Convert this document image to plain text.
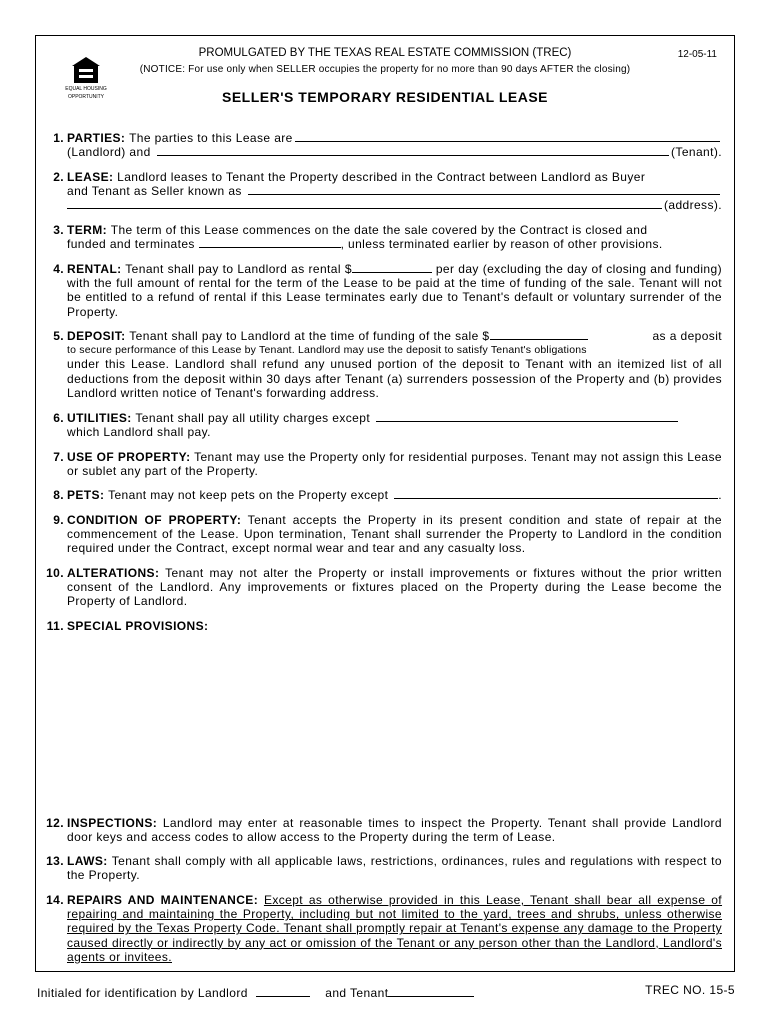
PROMULGATED BY THE TEXAS REAL ESTATE COMMISSION (TREC)	12-05-11
(NOTICE: For use only when SELLER occupies the property for no more than 90 days AFTER the closing)
EQUAL HOUSING
OPPORTUNITY	SELLER'S TEMPORARY RESIDENTIAL LEASE
1. PARTIES:
The parties to this Lease are
(Landlord) and	(Tenant).
2. LEASE:
Landlord leases to Tenant the Property described in the Contract between Landlord as Buyer
and Tenant as Seller known as
(address).
3. TERM:
The term of this Lease commences on the date the sale covered by the Contract is closed and
funded and terminates
	, unless terminated earlier by reason of other provisions.
4. RENTAL: Tenant shall pay to Landlord as rental $	per day (excluding the day of closing and funding) with the full amount of rental for the term of the Lease to be paid at the time of funding of the sale. Tenant will not be entitled to a refund of rental if this Lease terminates early due to Tenant's default or voluntary surrender of the Property.
5. DEPOSIT:
Tenant shall pay to Landlord at the time of funding of the sale $	as a deposit
to secure performance of this Lease by Tenant. Landlord may use the deposit to satisfy Tenant's obligations
under this Lease. Landlord shall refund any unused portion of the deposit to Tenant with an itemized list of all deductions from the deposit within 30 days after Tenant (a) surrenders possession of the Property and (b) provides Landlord written notice of Tenant's forwarding address.
6. UTILITIES:
Tenant shall pay all utility charges except
which Landlord shall pay.
7. USE OF PROPERTY: Tenant may use the Property only for residential purposes. Tenant may not assign this Lease or sublet any part of the Property.
8. PETS:
Tenant may not keep pets on the Property except	.
9. CONDITION OF PROPERTY: Tenant accepts the Property in its present condition and state of repair at the commencement of the Lease. Upon termination, Tenant shall surrender the Property to Landlord in the condition required under the Contract, except normal wear and tear and any casualty loss.
10. ALTERATIONS: Tenant may not alter the Property or install improvements or fixtures without the prior written consent of the Landlord. Any improvements or fixtures placed on the Property during the Lease become the Property of Landlord.
11. SPECIAL PROVISIONS:
12. INSPECTIONS: Landlord may enter at reasonable times to inspect the Property. Tenant shall provide Landlord door keys and access codes to allow access to the Property during the term of Lease.
13. LAWS: Tenant shall comply with all applicable laws, restrictions, ordinances, rules and regulations with respect to the Property.
14. REPAIRS AND MAINTENANCE: Except as otherwise provided in this Lease, Tenant shall bear all expense of repairing and maintaining the Property, including but not limited to the yard, trees and shrubs, unless otherwise required by the Texas Property Code. Tenant shall promptly repair at Tenant's expense any damage to the Property caused directly or indirectly by any act or omission of the Tenant or any person other than the Landlord, Landlord's agents or invitees.
Initialed for identification by Landlord	and Tenant	TREC NO. 15-5
